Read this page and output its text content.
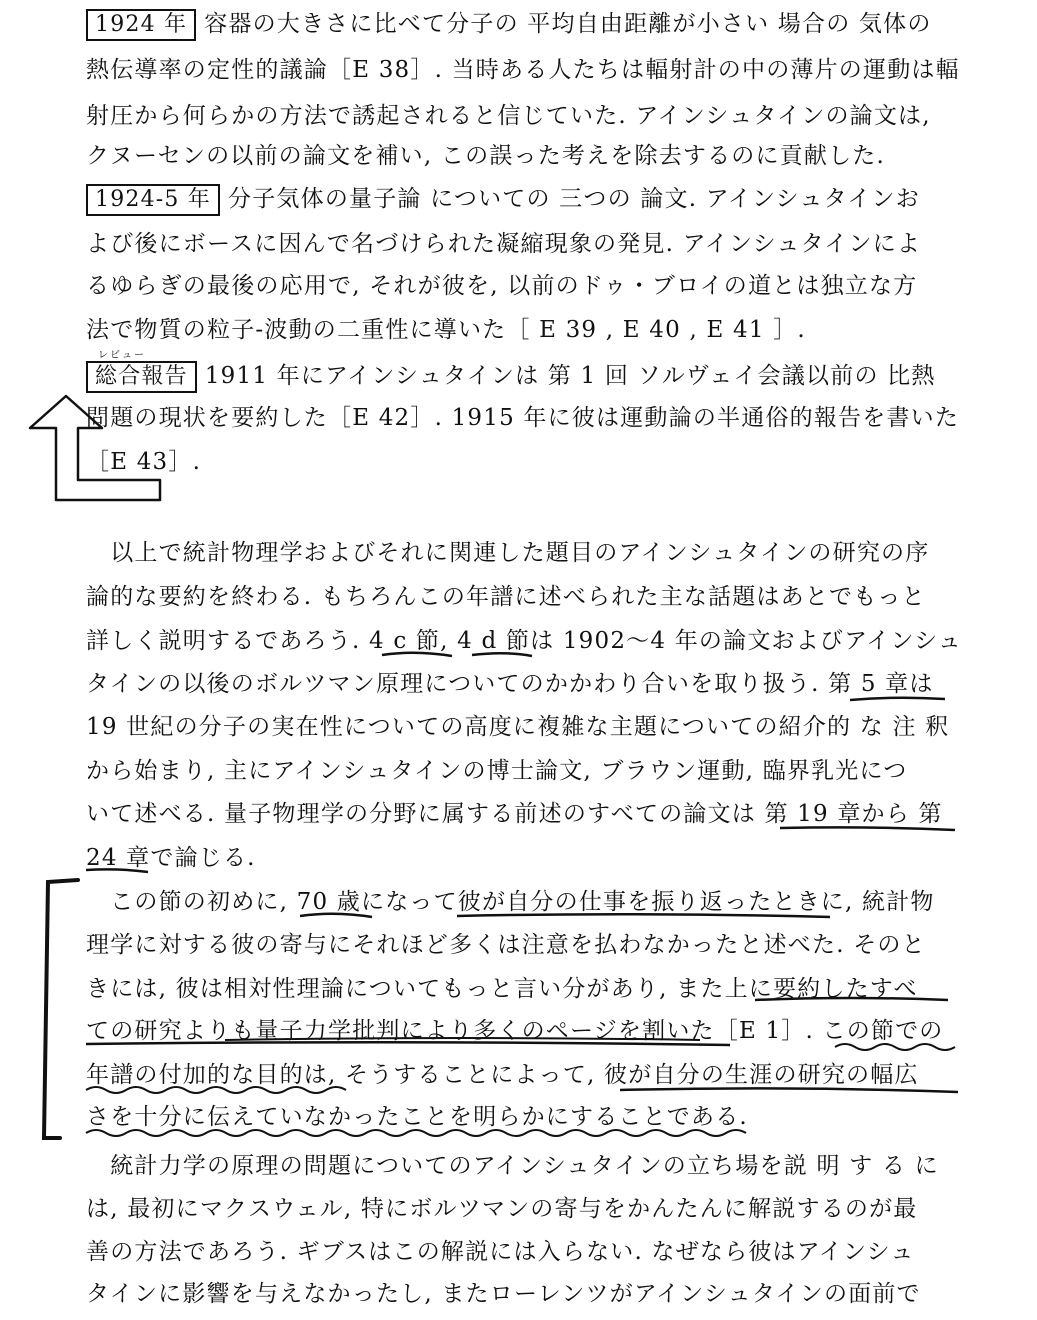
1924 年 容器の大きさに比べて分子の 平均自由距離が小さい 場合の 気体の
熱伝導率の定性的議論［E 38］. 当時ある人たちは輻射計の中の薄片の運動は輻
射圧から何らかの方法で誘起されると信じていた. アインシュタインの論文は,
クヌーセンの以前の論文を補い, この誤った考えを除去するのに貢献した.
1924-5 年 分子気体の量子論 についての 三つの 論文. アインシュタインお
よび後にボースに因んで名づけられた凝縮現象の発見. アインシュタインによ
るゆらぎの最後の応用で, それが彼を, 以前のドゥ・ブロイの道とは独立な方
法で物質の粒子-波動の二重性に導いた［ E 39 , E 40 , E 41 ］.
レビュー
総合報告 1911 年にアインシュタインは 第 1 回 ソルヴェイ会議以前の 比熱
問題の現状を要約した［E 42］. 1915 年に彼は運動論の半通俗的報告を書いた
［E 43］.
　以上で統計物理学およびそれに関連した題目のアインシュタインの研究の序
論的な要約を終わる. もちろんこの年譜に述べられた主な話題はあとでもっと
詳しく説明するであろう. 4 c 節, 4 d 節は 1902〜4 年の論文およびアインシュ
タインの以後のボルツマン原理についてのかかわり合いを取り扱う. 第 5 章は
19 世紀の分子の実在性についての高度に複雑な主題についての紹介的 な 注 釈
から始まり, 主にアインシュタインの博士論文, ブラウン運動, 臨界乳光につ
いて述べる. 量子物理学の分野に属する前述のすべての論文は 第 19 章から 第
24 章で論じる.
　この節の初めに, 70 歳になって彼が自分の仕事を振り返ったときに, 統計物
理学に対する彼の寄与にそれほど多くは注意を払わなかったと述べた. そのと
きには, 彼は相対性理論についてもっと言い分があり, また上に要約したすべ
ての研究よりも量子力学批判により多くのページを割いた［E 1］. この節での
年譜の付加的な目的は, そうすることによって, 彼が自分の生涯の研究の幅広
さを十分に伝えていなかったことを明らかにすることである.
　統計力学の原理の問題についてのアインシュタインの立ち場を説 明 す る に
は, 最初にマクスウェル, 特にボルツマンの寄与をかんたんに解説するのが最
善の方法であろう. ギブスはこの解説には入らない. なぜなら彼はアインシュ
タインに影響を与えなかったし, またローレンツがアインシュタインの面前で
